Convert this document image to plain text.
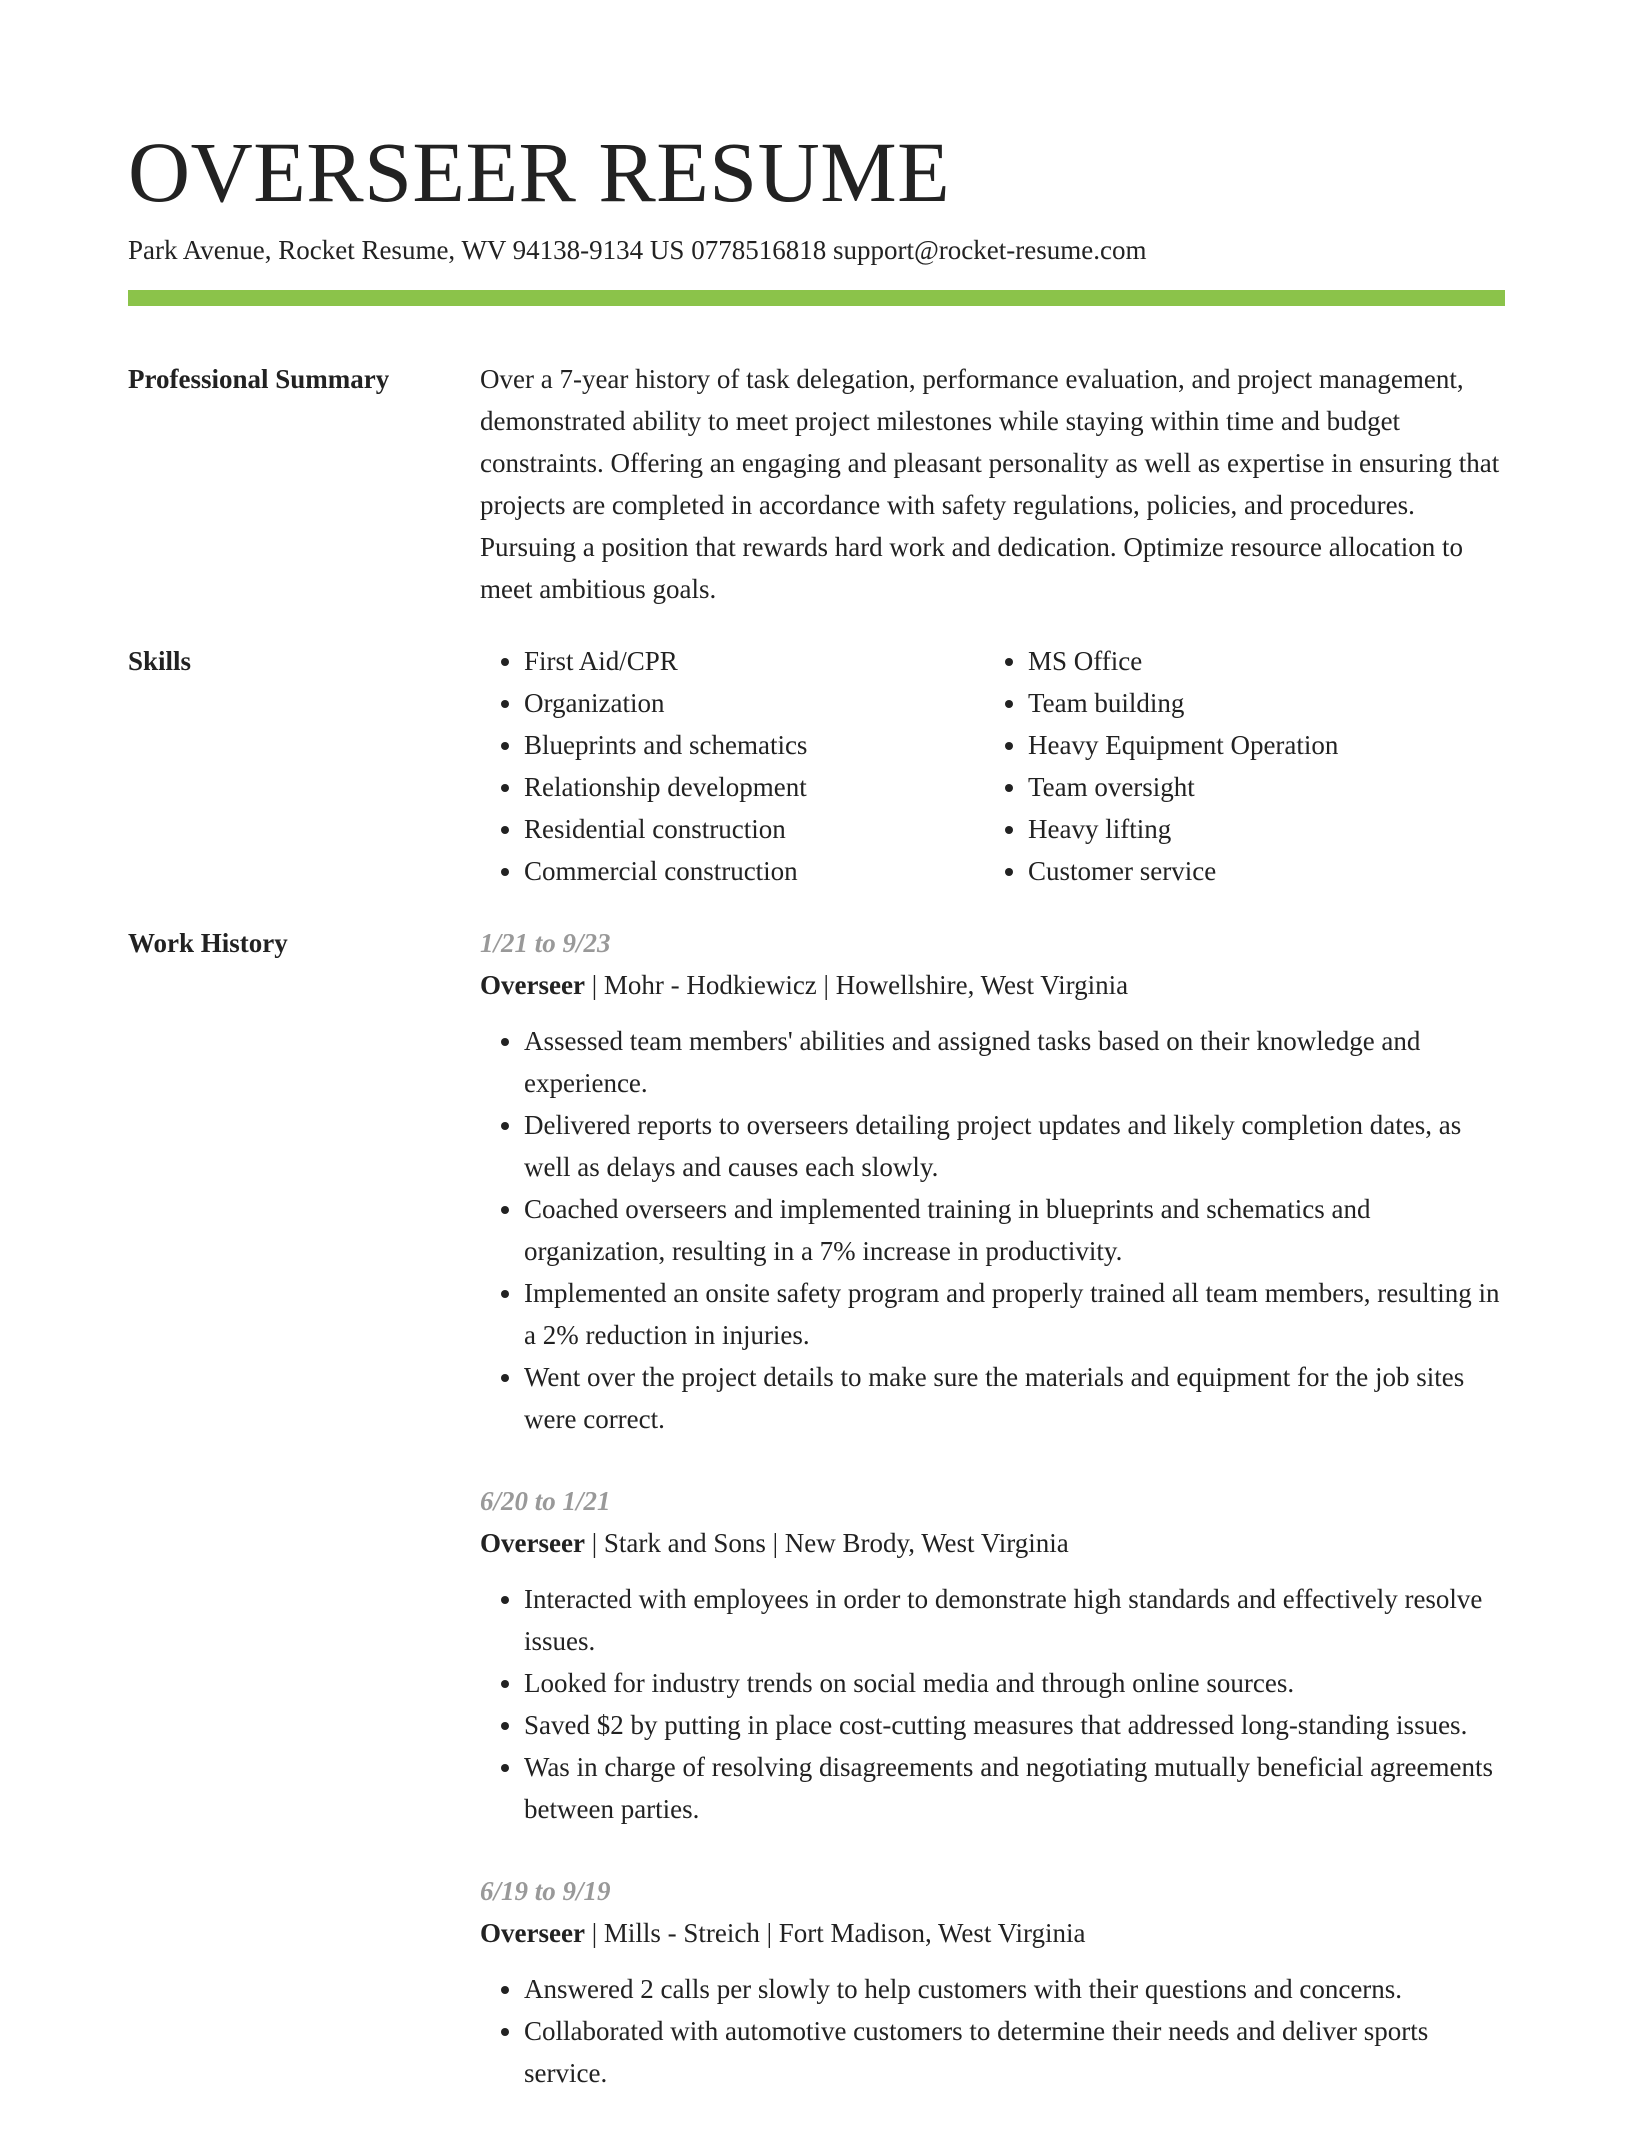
OVERSEER RESUME
Park Avenue, Rocket Resume, WV 94138-9134 US 0778516818 support@rocket-resume.com
Professional Summary	Over a 7-year history of task delegation, performance evaluation, and project management, demonstrated ability to meet project milestones while staying within time and budget constraints. Offering an engaging and pleasant personality as well as expertise in ensuring that projects are completed in accordance with safety regulations, policies, and procedures. Pursuing a position that rewards hard work and dedication. Optimize resource allocation to meet ambitious goals.

Skills
•	First Aid/CPR
• Organization
• Blueprints and schematics
• Relationship development
• Residential construction
• Commercial construction
• MS Office
• Team building
• Heavy Equipment Operation
• Team oversight
• Heavy lifting
• Customer service
Work History	1/21 to 9/23
Overseer | Mohr - Hodkiewicz | Howellshire, West Virginia
• Assessed team members' abilities and assigned tasks based on their knowledge and experience.
• Delivered reports to overseers detailing project updates and likely completion dates, as well as delays and causes each slowly.
• Coached overseers and implemented training in blueprints and schematics and organization, resulting in a 7% increase in productivity.
• Implemented an onsite safety program and properly trained all team members, resulting in a 2% reduction in injuries.
• Went over the project details to make sure the materials and equipment for the job sites were correct.
6/20 to 1/21
Overseer | Stark and Sons | New Brody, West Virginia
• Interacted with employees in order to demonstrate high standards and effectively resolve issues.
• Looked for industry trends on social media and through online sources.
• Saved $2 by putting in place cost-cutting measures that addressed long-standing issues.
• Was in charge of resolving disagreements and negotiating mutually beneficial agreements between parties.
6/19 to 9/19
Overseer | Mills - Streich | Fort Madison, West Virginia
• Answered 2 calls per slowly to help customers with their questions and concerns.
• Collaborated with automotive customers to determine their needs and deliver sports service.
